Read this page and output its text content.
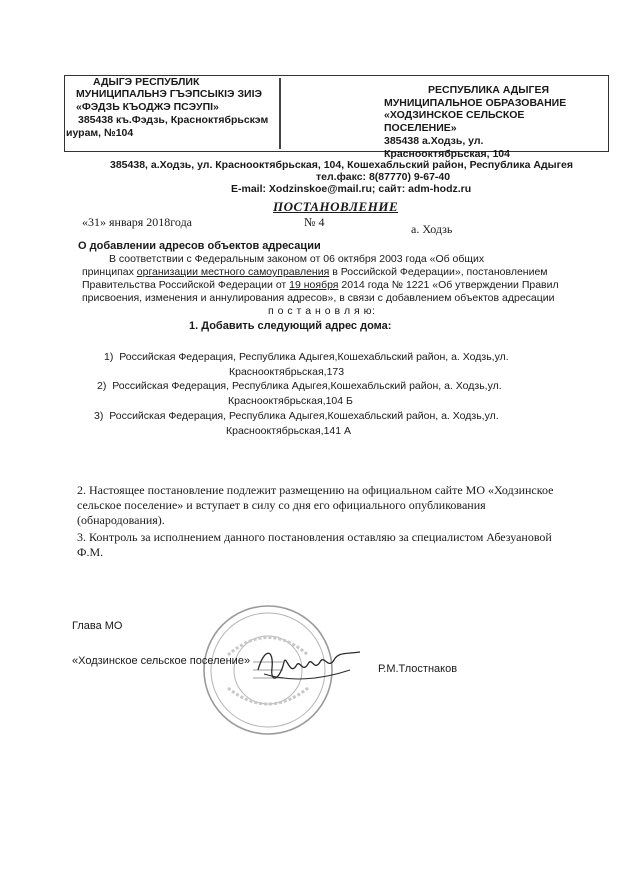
АДЫГЭ РЕСПУБЛИК
МУНИЦИПАЛЬНЭ ГЪЭПСЫКIЭ ЗИIЭ
«ФЭДЗЬ КЪОДЖЭ ПСЭУПI»
385438 къ.Фэдзь, Красноктябрьскэм
иурам, №104
РЕСПУБЛИКА АДЫГЕЯ
МУНИЦИПАЛЬНОЕ ОБРАЗОВАНИЕ
«ХОДЗИНСКОЕ СЕЛЬСКОЕ
ПОСЕЛЕНИЕ»
385438 а.Ходзь, ул.
Краснооктябрьская, 104
385438, а.Ходзь, ул. Краснооктябрьская, 104, Кошехабльский район, Республика Адыгея
тел.факс: 8(87770) 9-67-40
E-mail: Xodzinskoe@mail.ru; сайт: adm-hodz.ru
ПОСТАНОВЛЕНИЕ
№ 4
«31» января 2018года	а. Ходзь
О добавлении адресов объектов адресации
В соответствии с Федеральным законом от 06 октября 2003 года «Об общих
принципах организации местного самоуправления в Российской Федерации», постановлением
Правительства Российской Федерации от 19 ноября 2014 года № 1221 «Об утверждении Правил
присвоения, изменения и аннулирования адресов», в связи с добавлением объектов адресации
п о с т а н о в л я ю:
1. Добавить следующий адрес дома:
1) Российская Федерация, Республика Адыгея,Кошехабльский район, а. Ходзь,ул.
Краснооктябрьская,173
2) Российская Федерация, Республика Адыгея,Кошехабльский район, а. Ходзь,ул.
Краснооктябрьская,104 Б
3) Российская Федерация, Республика Адыгея,Кошехабльский район, а. Ходзь,ул.
Краснооктябрьская,141 А
2. Настоящее постановление подлежит размещению на официальном сайте МО «Ходзинское
сельское поселение» и вступает в силу со дня его официального опубликования
(обнародования).
3. Контроль за исполнением данного постановления оставляю за специалистом Абезуановой
Ф.М.
Глава МО
«Ходзинское сельское поселение»
Р.М.Тлостнаков
